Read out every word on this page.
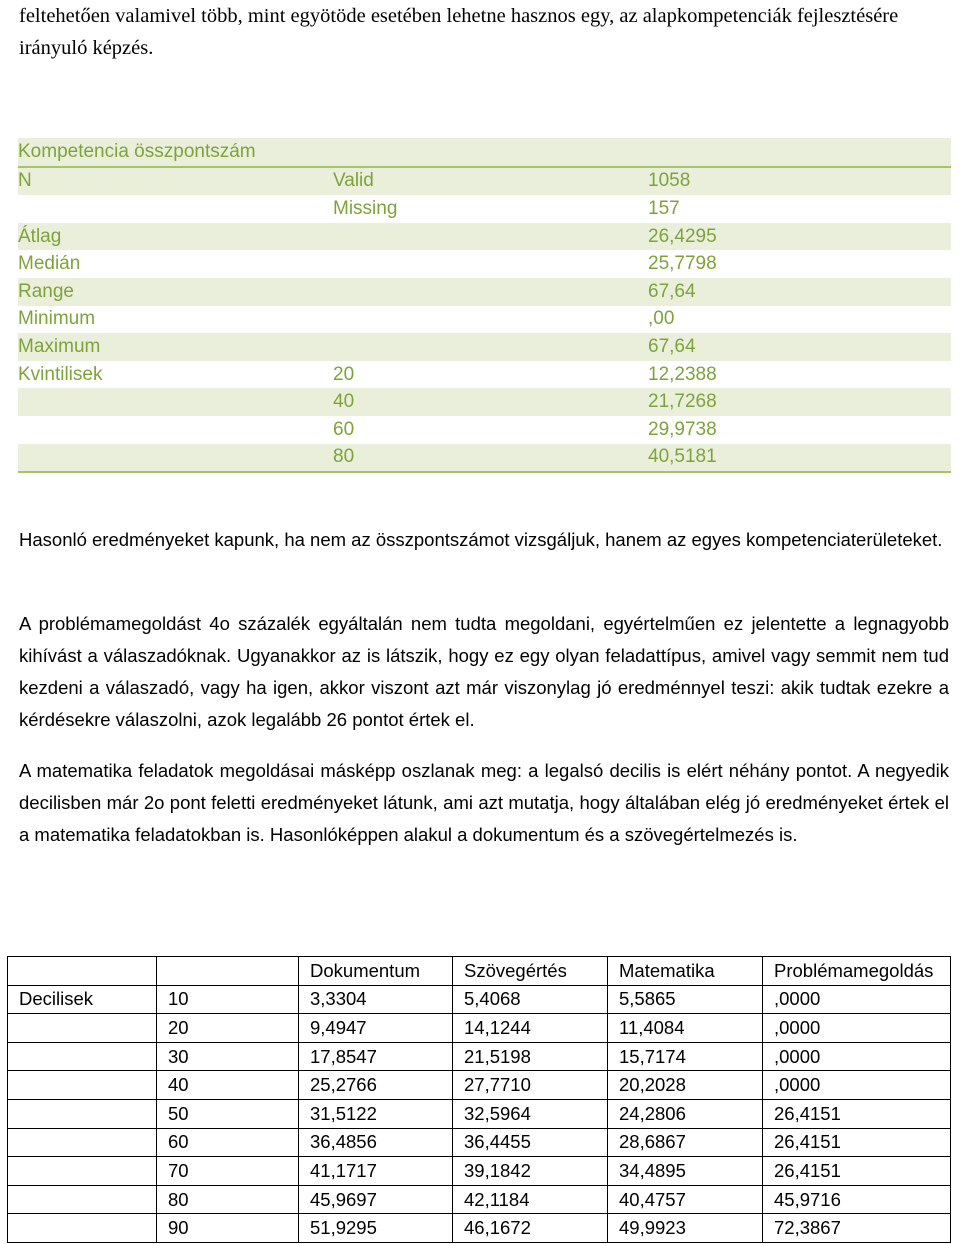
feltehetően valamivel több, mint egyötöde esetében lehetne hasznos egy, az alapkompetenciák fejlesztésére irányuló képzés.

Kompetencia összpontszám		
N	Valid	1058
	Missing	157
Átlag		26,4295
Medián		25,7798
Range		67,64
Minimum		,00
Maximum		67,64
Kvintilisek	20	12,2388
	40	21,7268
	60	29,9738
	80	40,5181

Hasonló eredményeket kapunk, ha nem az összpontszámot vizsgáljuk, hanem az egyes kompetenciaterületeket.

A problémamegoldást 4o százalék egyáltalán nem tudta megoldani, egyértelműen ez jelentette a legnagyobb kihívást a válaszadóknak. Ugyanakkor az is látszik, hogy ez egy olyan feladattípus, amivel vagy semmit nem tud kezdeni a válaszadó, vagy ha igen, akkor viszont azt már viszonylag jó eredménnyel teszi: akik tudtak ezekre a kérdésekre válaszolni, azok legalább 26 pontot értek el.

A matematika feladatok megoldásai másképp oszlanak meg: a legalsó decilis is elért néhány pontot. A negyedik decilisben már 2o pont feletti eredményeket látunk, ami azt mutatja, hogy általában elég jó eredményeket értek el a matematika feladatokban is. Hasonlóképpen alakul a dokumentum és a szövegértelmezés is.

		Dokumentum	Szövegértés	Matematika	Problémamegoldás
Decilisek	10	3,3304	5,4068	5,5865	,0000
	20	9,4947	14,1244	11,4084	,0000
	30	17,8547	21,5198	15,7174	,0000
	40	25,2766	27,7710	20,2028	,0000
	50	31,5122	32,5964	24,2806	26,4151
	60	36,4856	36,4455	28,6867	26,4151
	70	41,1717	39,1842	34,4895	26,4151
	80	45,9697	42,1184	40,4757	45,9716
	90	51,9295	46,1672	49,9923	72,3867
